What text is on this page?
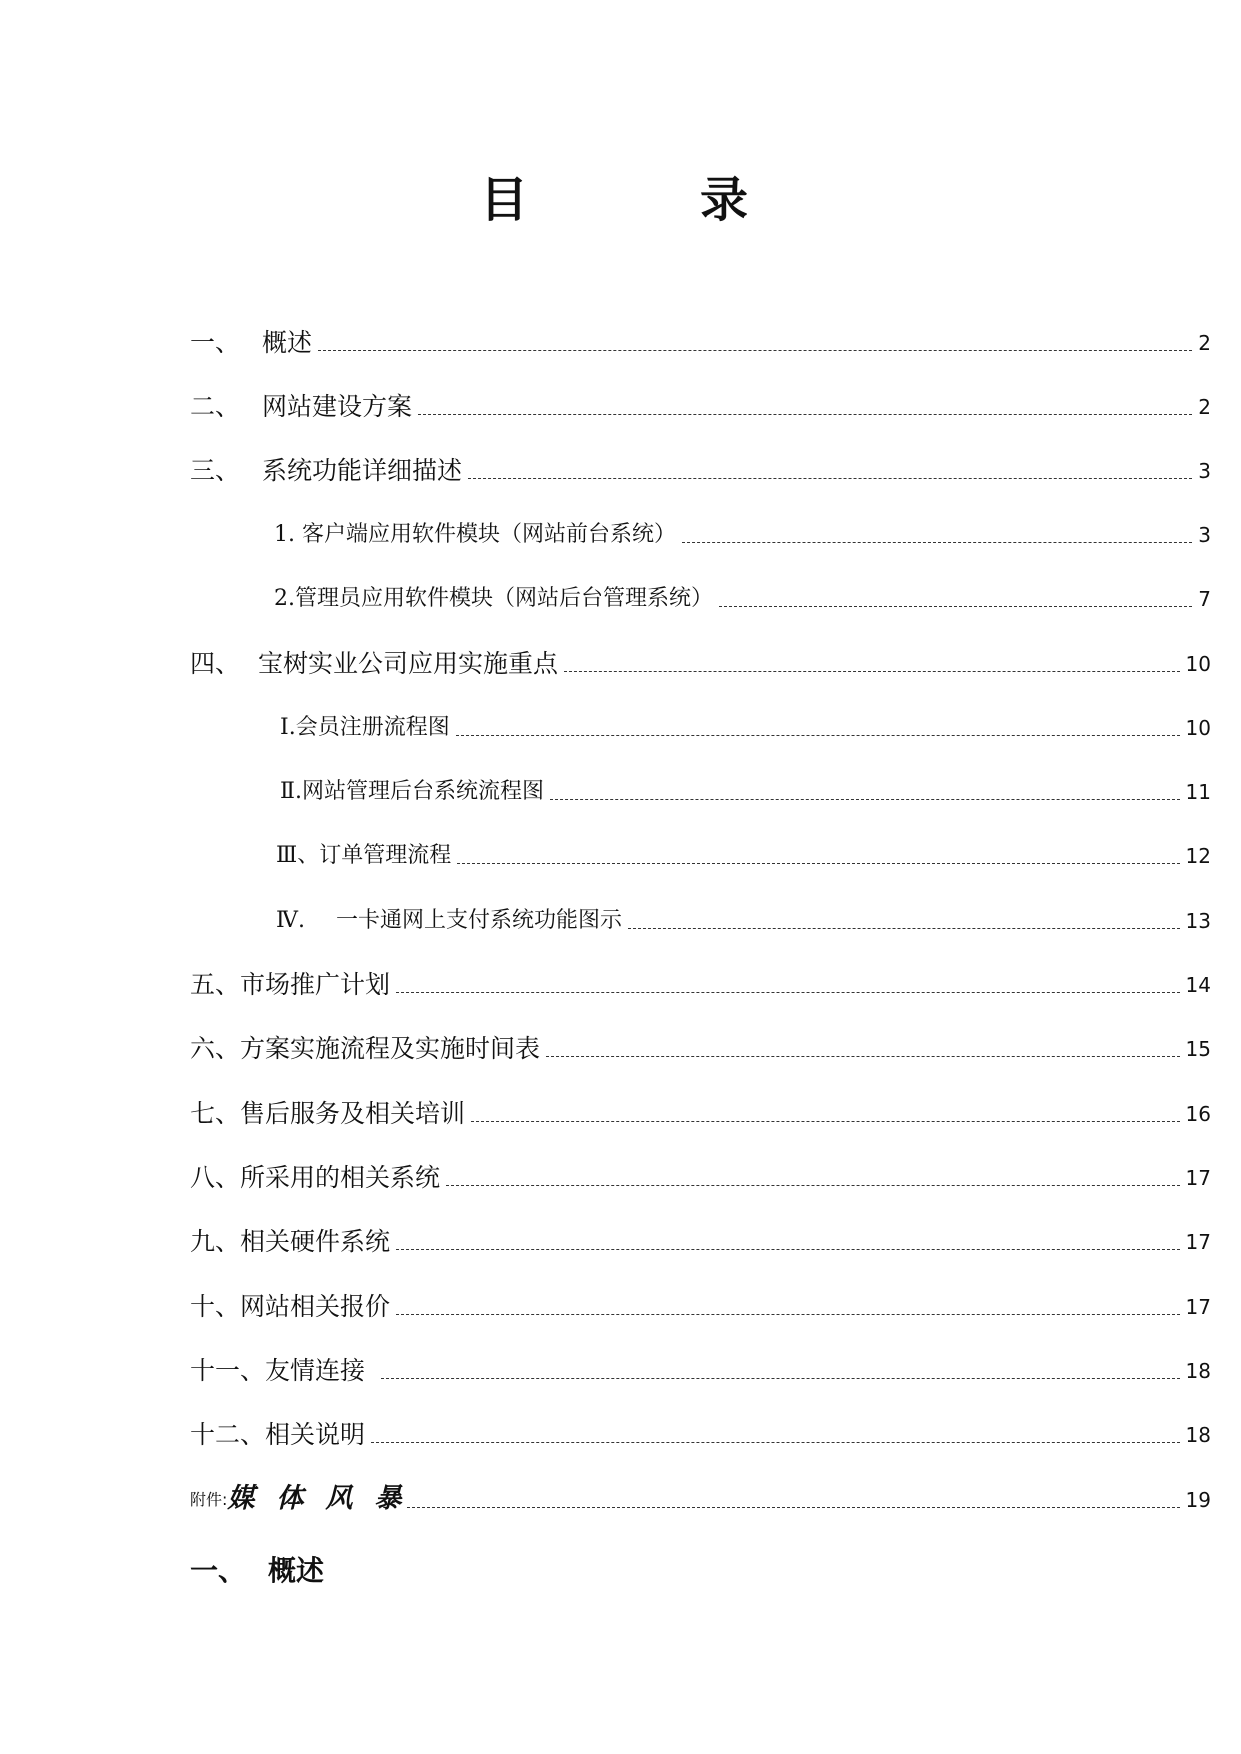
目	录
一、 概述	2
二、 网站建设方案	2
三、 系统功能详细描述	3
1. 客户端应用软件模块（网站前台系统）	3
2.管理员应用软件模块（网站后台管理系统）	7
四、 宝树实业公司应用实施重点	10
Ⅰ.会员注册流程图	10
Ⅱ.网站管理后台系统流程图	11
Ⅲ、订单管理流程	12
Ⅳ. 一卡通网上支付系统功能图示	13
五、市场推广计划	14
六、方案实施流程及实施时间表	15
七、售后服务及相关培训	16
八、所采用的相关系统	17
九、相关硬件系统	17
十、网站相关报价	17
十一、友情连接	18
十二、相关说明	18
附件:媒 体 风 暴	19
一、 概述
